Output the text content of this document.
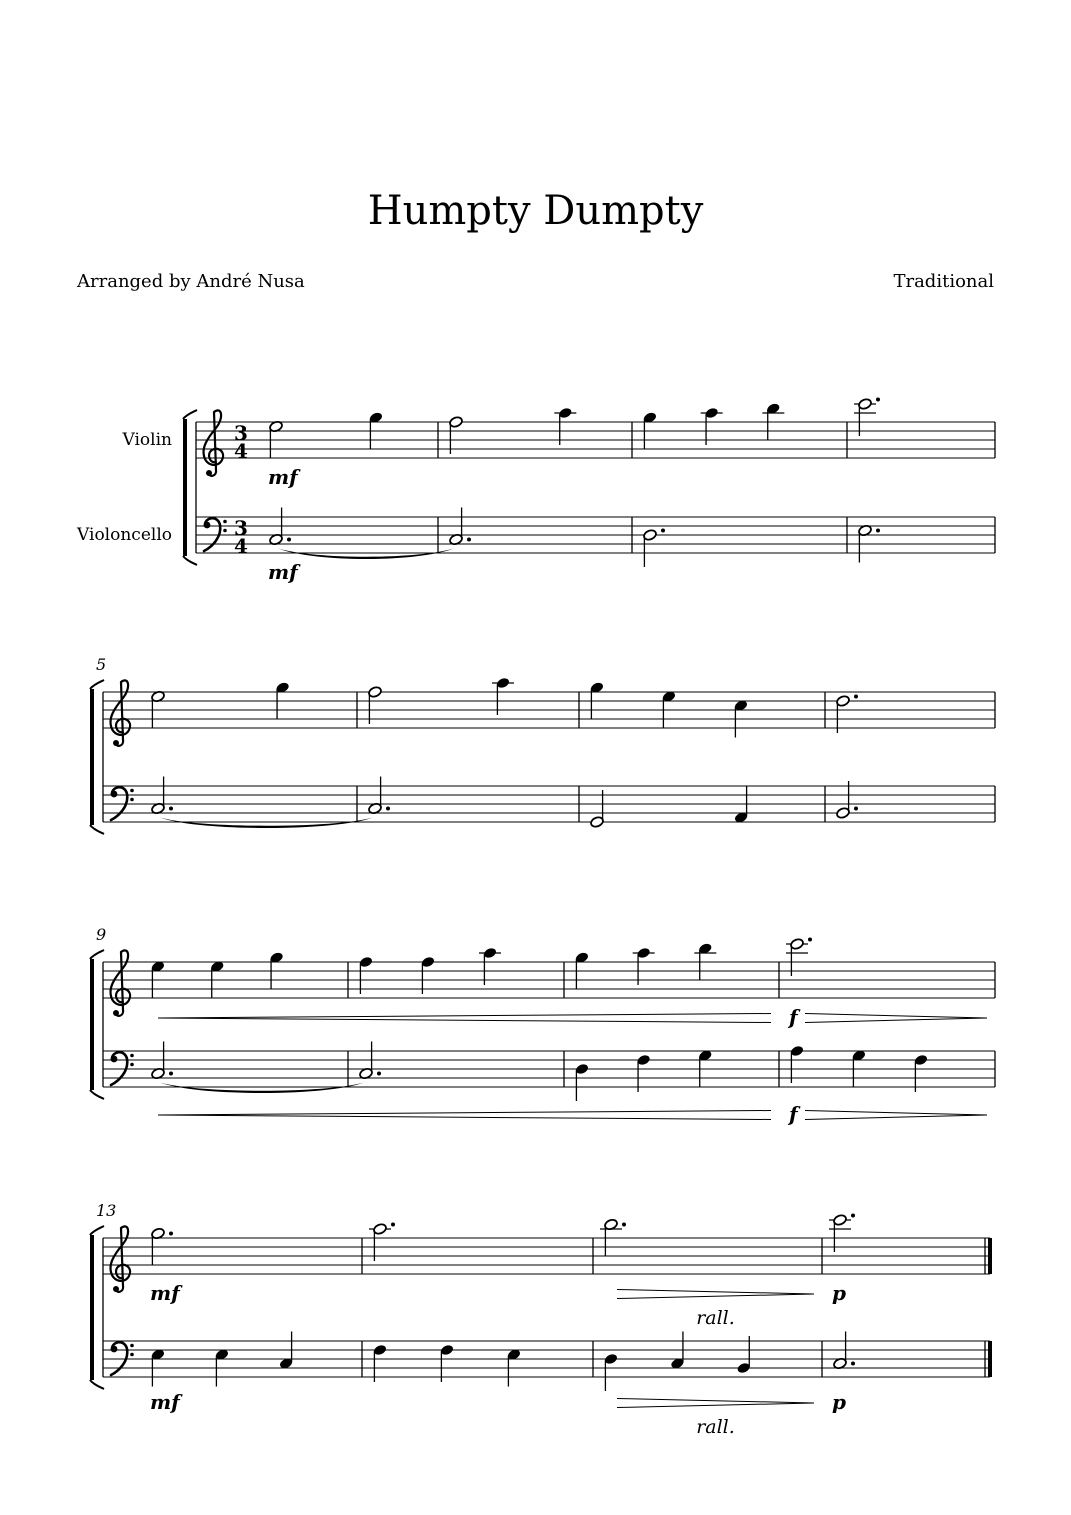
Humpty Dumpty
Arranged by André Nusa	Traditional
3
4
3
4
Violin
Violoncello
mf
mf
5
9
f
f
13
mf	p
mf	p
rall.
rall.
